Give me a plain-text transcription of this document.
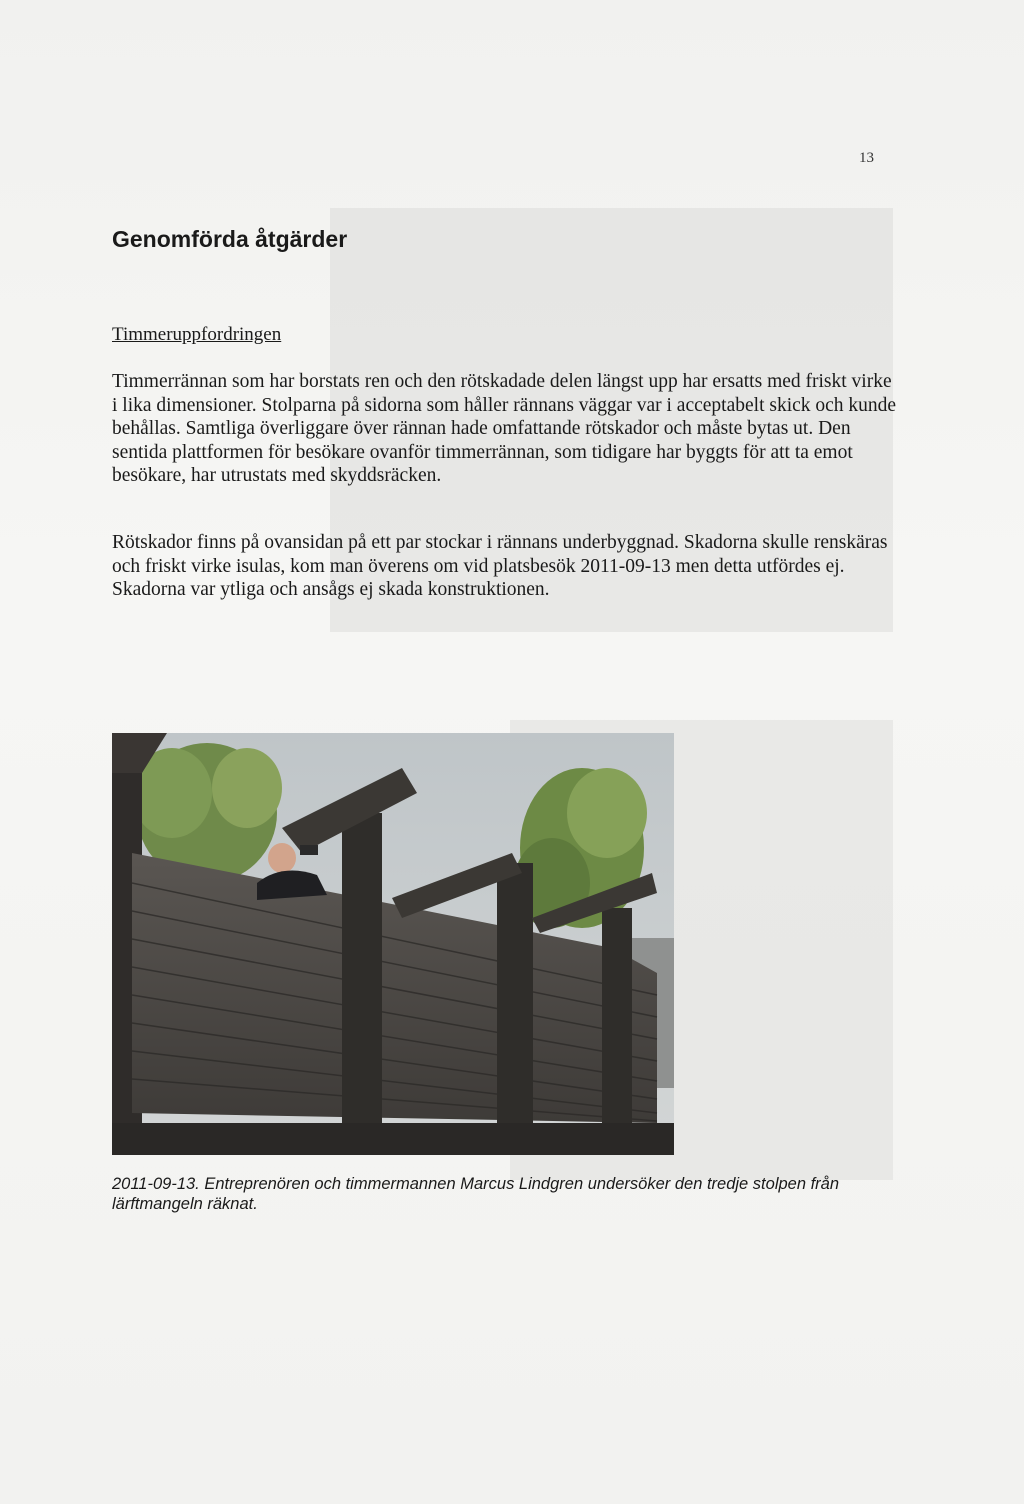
13
Genomförda åtgärder
Timmeruppfordringen

Timmerrännan som har borstats ren och den rötskadade delen längst upp har ersatts med friskt virke i lika dimensioner. Stolparna på sidorna som håller rännans väggar var i acceptabelt skick och kunde behållas. Samtliga överliggare över rännan hade omfattande rötskador och måste bytas ut. Den sentida plattformen för besökare ovanför timmerrännan, som tidigare har byggts för att ta emot besökare, har utrustats med skyddsräcken.

Rötskador finns på ovansidan på ett par stockar i rännans underbyggnad. Skadorna skulle renskäras och friskt virke isulas, kom man överens om vid platsbesök 2011-09-13 men detta utfördes ej. Skadorna var ytliga och ansågs ej skada konstruktionen.

2011-09-13. Entreprenören och timmermannen Marcus Lindgren undersöker den tredje stolpen från lärftmangeln räknat.
